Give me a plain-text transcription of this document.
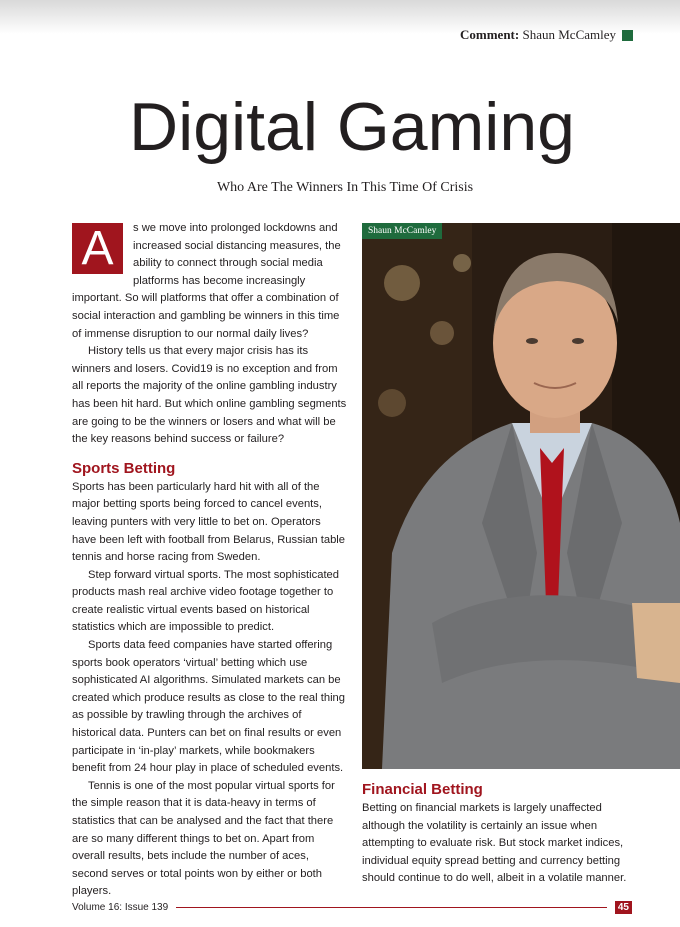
Comment: Shaun McCamley
Digital Gaming

Who Are The Winners In This Time Of Crisis

A	s we move into prolonged lockdowns and increased social distancing measures, the ability to connect through social media platforms has become increasingly important. So will platforms that offer a combination of social interaction and gambling be winners in this time of immense disruption to our normal daily lives?

History tells us that every major crisis has its winners and losers. Covid19 is no exception and from all reports the majority of the online gambling industry has been hit hard. But which online gambling segments are going to be the winners or losers and what will be the key reasons behind success or failure?

Sports Betting

Sports has been particularly hard hit with all of the major betting sports being forced to cancel events, leaving punters with very little to bet on. Operators have been left with football from Belarus, Russian table tennis and horse racing from Sweden.

Step forward virtual sports. The most sophisticated products mash real archive video footage together to create realistic virtual events based on historical statistics which are impossible to predict.

Sports data feed companies have started offering sports book operators ‘virtual’ betting which use sophisticated AI algorithms. Simulated markets can be created which produce results as close to the real thing as possible by trawling through the archives of historical data. Punters can bet on final results or even participate in ‘in-play’ markets, while bookmakers benefit from 24 hour play in place of scheduled events.

Tennis is one of the most popular virtual sports for the simple reason that it is data-heavy in terms of statistics that can be analysed and the fact that there are so many different things to bet on. Apart from overall results, bets include the number of aces, second serves or total points won by either or both players.

Shaun McCamley
Financial Betting

Betting on financial markets is largely unaffected although the volatility is certainly an issue when attempting to evaluate risk. But stock market indices, individual equity spread betting and currency betting should continue to do well, albeit in a volatile manner.

Volume 16: Issue 139	45
